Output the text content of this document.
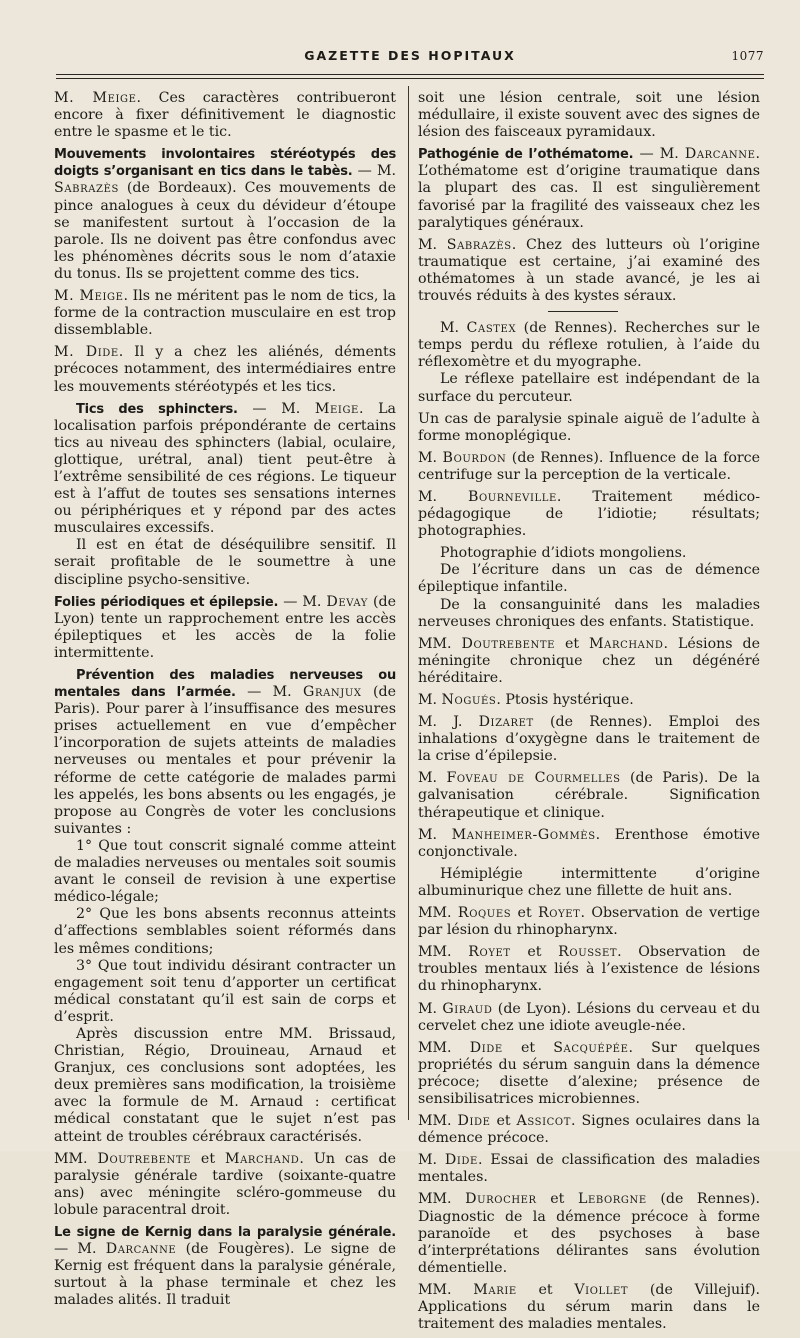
GAZETTE DES HOPITAUX	1077

M. Meige. Ces caractères contribueront encore à fixer définitivement le diagnostic entre le spasme et le tic.

Mouvements involontaires stéréotypés des doigts s’organisant en tics dans le tabès. — M. Sabrazès (de Bordeaux). Ces mouvements de pince analogues à ceux du dévideur d’étoupe se manifestent surtout à l’occasion de la parole. Ils ne doivent pas être confondus avec les phénomènes décrits sous le nom d’ataxie du tonus. Ils se projettent comme des tics.

M. Meige. Ils ne méritent pas le nom de tics, la forme de la contraction musculaire en est trop dissemblable.

M. Dide. Il y a chez les aliénés, déments précoces notamment, des intermédiaires entre les mouvements stéréotypés et les tics.

Tics des sphincters. — M. Meige. La localisation parfois prépondérante de certains tics au niveau des sphincters (labial, oculaire, glottique, urétral, anal) tient peut-être à l’extrême sensibilité de ces régions. Le tiqueur est à l’affut de toutes ses sensations internes ou périphériques et y répond par des actes musculaires excessifs.

Il est en état de déséquilibre sensitif. Il serait profitable de le soumettre à une discipline psycho-sensitive.

Folies périodiques et épilepsie. — M. Devay (de Lyon) tente un rapprochement entre les accès épileptiques et les accès de la folie intermittente.

Prévention des maladies nerveuses ou mentales dans l’armée. — M. Granjux (de Paris). Pour parer à l’insuffisance des mesures prises actuellement en vue d’empêcher l’incorporation de sujets atteints de maladies nerveuses ou mentales et pour prévenir la réforme de cette catégorie de malades parmi les appelés, les bons absents ou les engagés, je propose au Congrès de voter les conclusions suivantes :

1° Que tout conscrit signalé comme atteint de maladies nerveuses ou mentales soit soumis avant le conseil de revision à une expertise médico-légale;

2° Que les bons absents reconnus atteints d’affections semblables soient réformés dans les mêmes conditions;

3° Que tout individu désirant contracter un engagement soit tenu d’apporter un certificat médical constatant qu’il est sain de corps et d’esprit.

Après discussion entre MM. Brissaud, Christian, Régio, Drouineau, Arnaud et Granjux, ces conclusions sont adoptées, les deux premières sans modification, la troisième avec la formule de M. Arnaud : certificat médical constatant que le sujet n’est pas atteint de troubles cérébraux caractérisés.

MM. Doutrebente et Marchand. Un cas de paralysie générale tardive (soixante-quatre ans) avec méningite scléro-gommeuse du lobule paracentral droit.

Le signe de Kernig dans la paralysie générale. — M. Darcanne (de Fougères). Le signe de Kernig est fréquent dans la paralysie générale, surtout à la phase terminale et chez les malades alités. Il traduit

soit une lésion centrale, soit une lésion médullaire, il existe souvent avec des signes de lésion des faisceaux pyramidaux.

Pathogénie de l’othématome. — M. Darcanne. L’othématome est d’origine traumatique dans la plupart des cas. Il est singulièrement favorisé par la fragilité des vaisseaux chez les paralytiques généraux.

M. Sabrazès. Chez des lutteurs où l’origine traumatique est certaine, j’ai examiné des othématomes à un stade avancé, je les ai trouvés réduits à des kystes séraux.

M. Castex (de Rennes). Recherches sur le temps perdu du réflexe rotulien, à l’aide du réflexomètre et du myographe.

Le réflexe patellaire est indépendant de la surface du percuteur.

Un cas de paralysie spinale aiguë de l’adulte à forme monoplégique.

M. Bourdon (de Rennes). Influence de la force centrifuge sur la perception de la verticale.

M. Bourneville. Traitement médico-pédagogique de l’idiotie; résultats; photographies.

Photographie d’idiots mongoliens.

De l’écriture dans un cas de démence épileptique infantile.

De la consanguinité dans les maladies nerveuses chroniques des enfants. Statistique.

MM. Doutrebente et Marchand. Lésions de méningite chronique chez un dégénéré héréditaire.

M. Nogués. Ptosis hystérique.

M. J. Dizaret (de Rennes). Emploi des inhalations d’oxygègne dans le traitement de la crise d’épilepsie.

M. Foveau de Courmelles (de Paris). De la galvanisation cérébrale. Signification thérapeutique et clinique.

M. Manheimer-Gommès. Erenthose émotive conjonctivale.

Hémiplégie intermittente d’origine albuminurique chez une fillette de huit ans.

MM. Roques et Royet. Observation de vertige par lésion du rhinopharynx.

MM. Royet et Rousset. Observation de troubles mentaux liés à l’existence de lésions du rhinopharynx.

M. Giraud (de Lyon). Lésions du cerveau et du cervelet chez une idiote aveugle-née.

MM. Dide et Sacquépée. Sur quelques propriétés du sérum sanguin dans la démence précoce; disette d’alexine; présence de sensibilisatrices microbiennes.

MM. Dide et Assicot. Signes oculaires dans la démence précoce.

M. Dide. Essai de classification des maladies mentales.

MM. Durocher et Leborgne (de Rennes). Diagnostic de la démence précoce à forme paranoïde et des psychoses à base d’interprétations délirantes sans évolution démentielle.

MM. Marie et Viollet (de Villejuif). Applications du sérum marin dans le traitement des maladies mentales.
